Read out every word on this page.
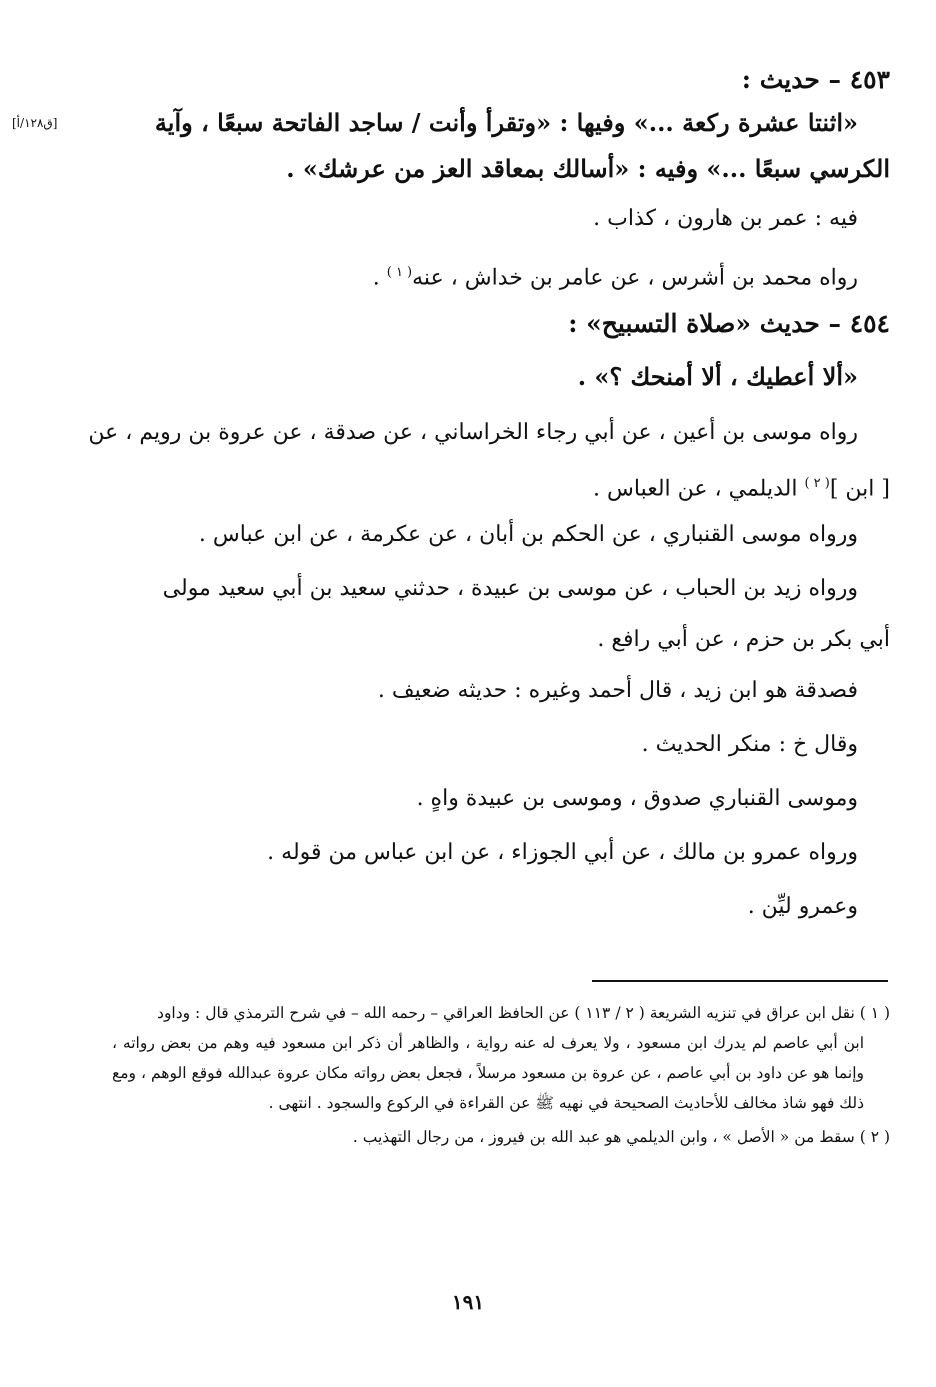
٤٥٣ – حديث :
«اثنتا عشرة ركعة ...» وفيها : «وتقرأ وأنت / ساجد الفاتحة سبعًا ، وآية
[ق١٢٨/أ]
الكرسي سبعًا ...» وفيه : «أسالك بمعاقد العز من عرشك» .
فيه : عمر بن هارون ، كذاب .
رواه محمد بن أشرس ، عن عامر بن خداش ، عنه$^{( ١ )}$ .
٤٥٤ – حديث «صلاة التسبيح» :
«ألا أعطيك ، ألا أمنحك ؟» .
رواه موسى بن أعين ، عن أبي رجاء الخراساني ، عن صدقة ، عن عروة بن رويم ، عن
[ ابن ]$^{( ٢ )}$ الديلمي ، عن العباس .
ورواه موسى القنباري ، عن الحكم بن أبان ، عن عكرمة ، عن ابن عباس .
ورواه زيد بن الحباب ، عن موسى بن عبيدة ، حدثني سعيد بن أبي سعيد مولى
أبي بكر بن حزم ، عن أبي رافع .
فصدقة هو ابن زيد ، قال أحمد وغيره : حديثه ضعيف .
وقال خ : منكر الحديث .
وموسى القنباري صدوق ، وموسى بن عبيدة واهٍ .
ورواه عمرو بن مالك ، عن أبي الجوزاء ، عن ابن عباس من قوله .
وعمرو ليِّن .
( ١ ) نقل ابن عراق في تنزيه الشريعة ( ٢ / ١١٣ ) عن الحافظ العراقي – رحمه الله – في شرح الترمذي قال : وداود
ابن أبي عاصم لم يدرك ابن مسعود ، ولا يعرف له عنه رواية ، والظاهر أن ذكر ابن مسعود فيه وهم من بعض رواته ، وإنما هو عن داود بن أبي عاصم ، عن عروة بن مسعود مرسلاً ، فجعل بعض رواته مكان عروة عبدالله فوقع الوهم ، ومع ذلك فهو شاذ مخالف للأحاديث الصحيحة في نهيه ﷺ عن القراءة في الركوع والسجود . انتهى .
( ٢ ) سقط من « الأصل » ، وابن الديلمي هو عبد الله بن فيروز ، من رجال التهذيب .
١٩١
